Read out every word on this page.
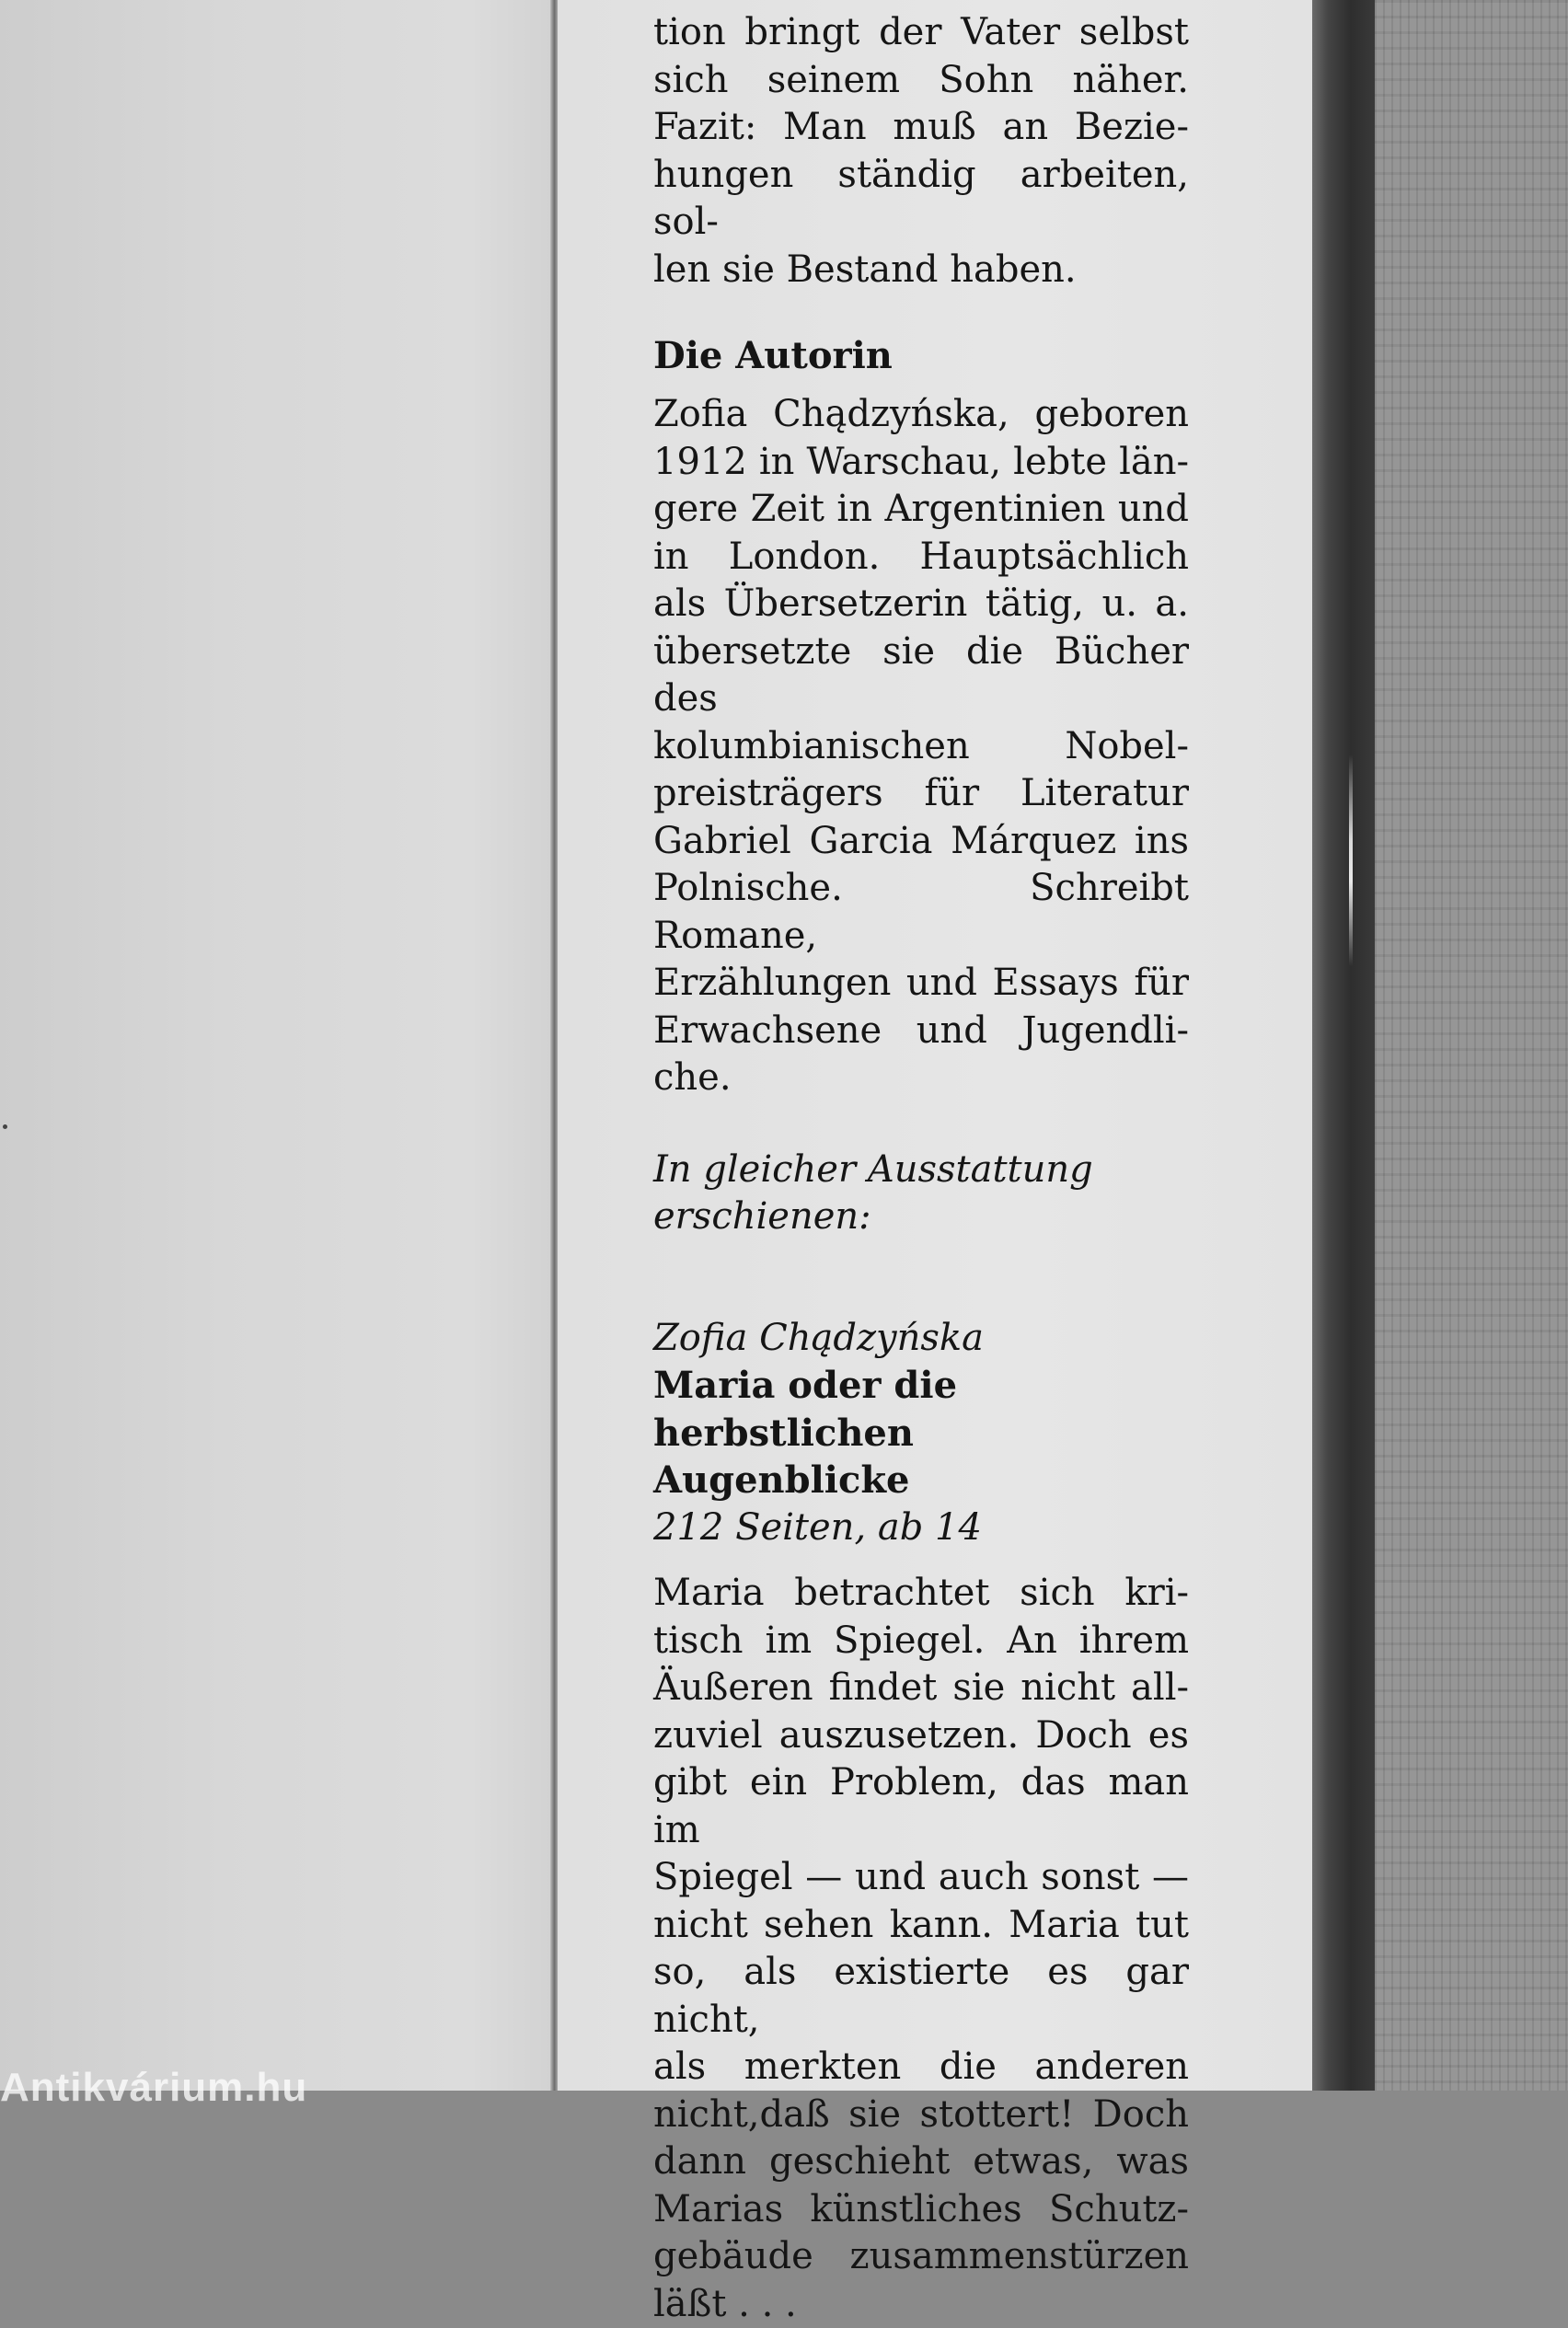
tion bringt der Vater selbst
sich seinem Sohn näher.
Fazit: Man muß an Bezie-
hungen ständig arbeiten, sol-
len sie Bestand haben.
Die Autorin
Zofia Chądzyńska, geboren
1912 in Warschau, lebte län-
gere Zeit in Argentinien und
in London. Hauptsächlich
als Übersetzerin tätig, u. a.
übersetzte sie die Bücher des
kolumbianischen Nobel-
preisträgers für Literatur
Gabriel Garcia Márquez ins
Polnische. Schreibt Romane,
Erzählungen und Essays für
Erwachsene und Jugendli-
che.
In gleicher Ausstattung
erschienen:
Zofia Chądzyńska
Maria oder die herbstlichen
Augenblicke
212 Seiten, ab 14
Maria betrachtet sich kri-
tisch im Spiegel. An ihrem
Äußeren findet sie nicht all-
zuviel auszusetzen. Doch es
gibt ein Problem, das man im
Spiegel — und auch sonst —
nicht sehen kann. Maria tut
so, als existierte es gar nicht,
als merkten die anderen
nicht,daß sie stottert! Doch
dann geschieht etwas, was
Marias künstliches Schutz-
gebäude zusammenstürzen
läßt . . .
Antikvárium.hu
